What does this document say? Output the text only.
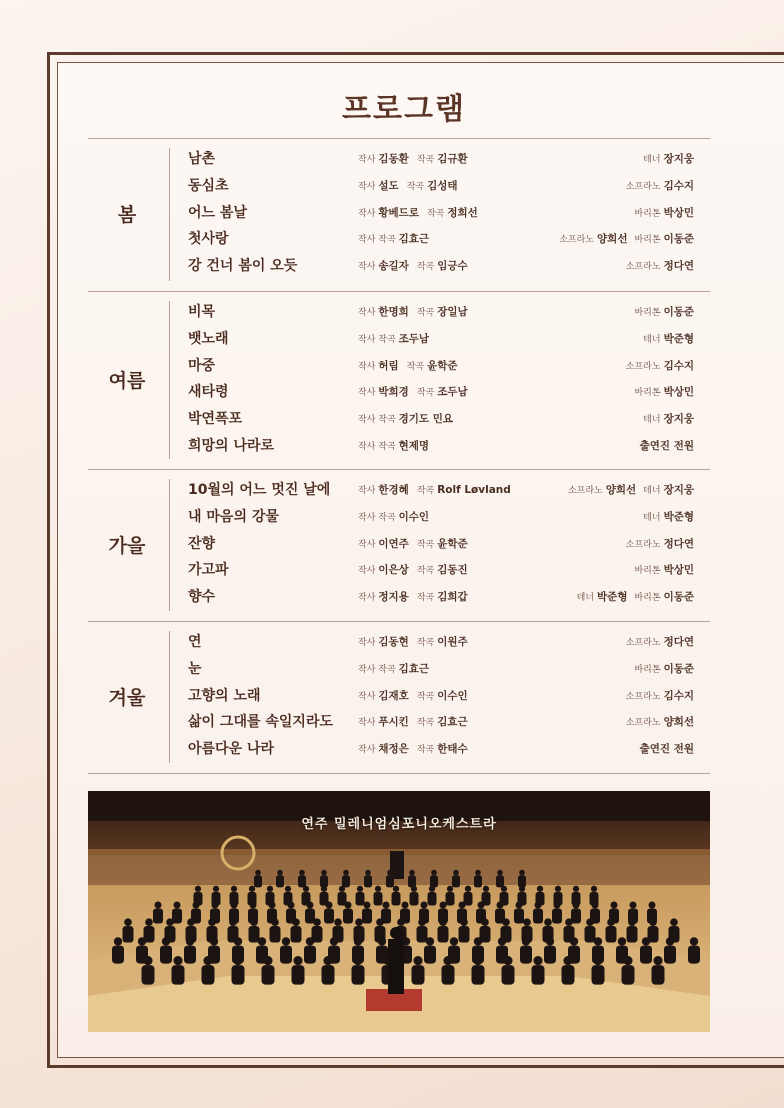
프로그램
봄
남촌	작사 김동환 작곡 김규환	테너 장지웅
동심초	작사 설도 작곡 김성태	소프라노 김수지
어느 봄날	작사 황베드로 작곡 정희선	바리톤 박상민
첫사랑	작사 작곡 김효근	소프라노 양희선 바리톤 이동준
강 건너 봄이 오듯	작사 송길자 작곡 임긍수	소프라노 정다연
여름
비목	작사 한명희 작곡 장일남	바리톤 이동준
뱃노래	작사 작곡 조두남	테너 박준형
마중	작사 허림 작곡 윤학준	소프라노 김수지
새타령	작사 박희경 작곡 조두남	바리톤 박상민
박연폭포	작사 작곡 경기도 민요	테너 장지웅
희망의 나라로	작사 작곡 현제명	출연진 전원
가을
10월의 어느 멋진 날에	작사 한경혜 작곡 Rolf Løvland	소프라노 양희선 테너 장지웅
내 마음의 강물	작사 작곡 이수인	테너 박준형
잔향	작사 이연주 작곡 윤학준	소프라노 정다연
가고파	작사 이은상 작곡 김동진	바리톤 박상민
향수	작사 정지용 작곡 김희갑	테너 박준형 바리톤 이동준
겨울
연	작사 김동현 작곡 이원주	소프라노 정다연
눈	작사 작곡 김효근	바리톤 이동준
고향의 노래	작사 김재호 작곡 이수인	소프라노 김수지
삶이 그대를 속일지라도	작사 푸시킨 작곡 김효근	소프라노 양희선
아름다운 나라	작사 채정은 작곡 한태수	출연진 전원
연주 밀레니엄심포니오케스트라
